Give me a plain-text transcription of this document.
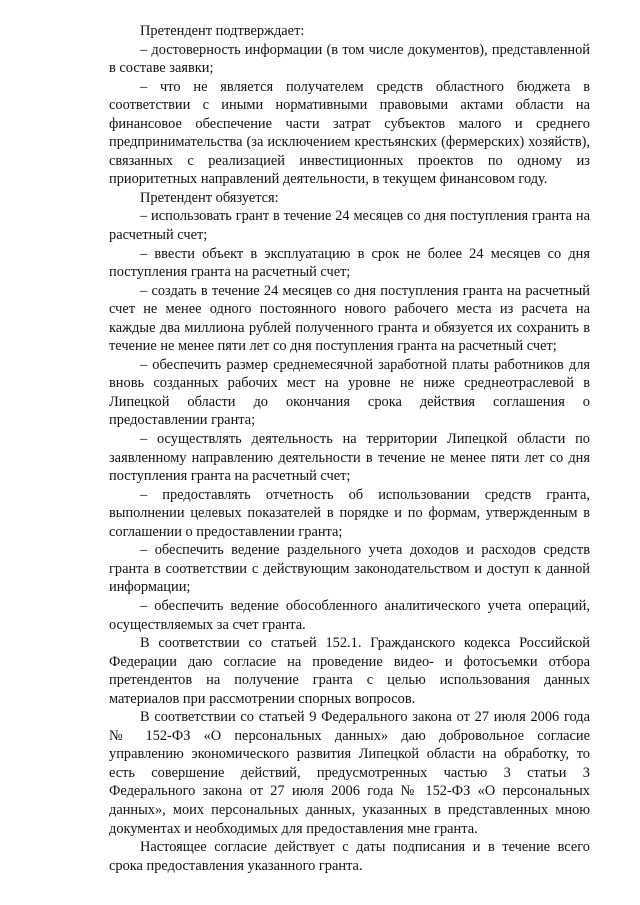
Претендент подтверждает:

– достоверность информации (в том числе документов), представленной в составе заявки;

– что не является получателем средств областного бюджета в соответствии с иными нормативными правовыми актами области на финансовое обеспечение части затрат субъектов малого и среднего предпринимательства (за исключением крестьянских (фермерских) хозяйств), связанных с реализацией инвестиционных проектов по одному из приоритетных направлений деятельности, в текущем финансовом году.

Претендент обязуется:

– использовать грант в течение 24 месяцев со дня поступления гранта на расчетный счет;

– ввести объект в эксплуатацию в срок не более 24 месяцев со дня поступления гранта на расчетный счет;

– создать в течение 24 месяцев со дня поступления гранта на расчетный счет не менее одного постоянного нового рабочего места из расчета на каждые два миллиона рублей полученного гранта и обязуется их сохранить в течение не менее пяти лет со дня поступления гранта на расчетный счет;

– обеспечить размер среднемесячной заработной платы работников для вновь созданных рабочих мест на уровне не ниже среднеотраслевой в Липецкой области до окончания срока действия соглашения о предоставлении гранта;

– осуществлять деятельность на территории Липецкой области по заявленному направлению деятельности в течение не менее пяти лет со дня поступления гранта на расчетный счет;

– предоставлять отчетность об использовании средств гранта, выполнении целевых показателей в порядке и по формам, утвержденным в соглашении о предоставлении гранта;

– обеспечить ведение раздельного учета доходов и расходов средств гранта в соответствии с действующим законодательством и доступ к данной информации;

– обеспечить ведение обособленного аналитического учета операций, осуществляемых за счет гранта.

В соответствии со статьей 152.1. Гражданского кодекса Российской Федерации даю согласие на проведение видео- и фотосъемки отбора претендентов на получение гранта с целью использования данных материалов при рассмотрении спорных вопросов.

В соответствии со статьей 9 Федерального закона от 27 июля 2006 года № 152-ФЗ «О персональных данных» даю добровольное согласие управлению экономического развития Липецкой области на обработку, то есть совершение действий, предусмотренных частью 3 статьи 3 Федерального закона от 27 июля 2006 года № 152-ФЗ «О персональных данных», моих персональных данных, указанных в представленных мною документах и необходимых для предоставления мне гранта.

Настоящее согласие действует с даты подписания и в течение всего срока предоставления указанного гранта.
